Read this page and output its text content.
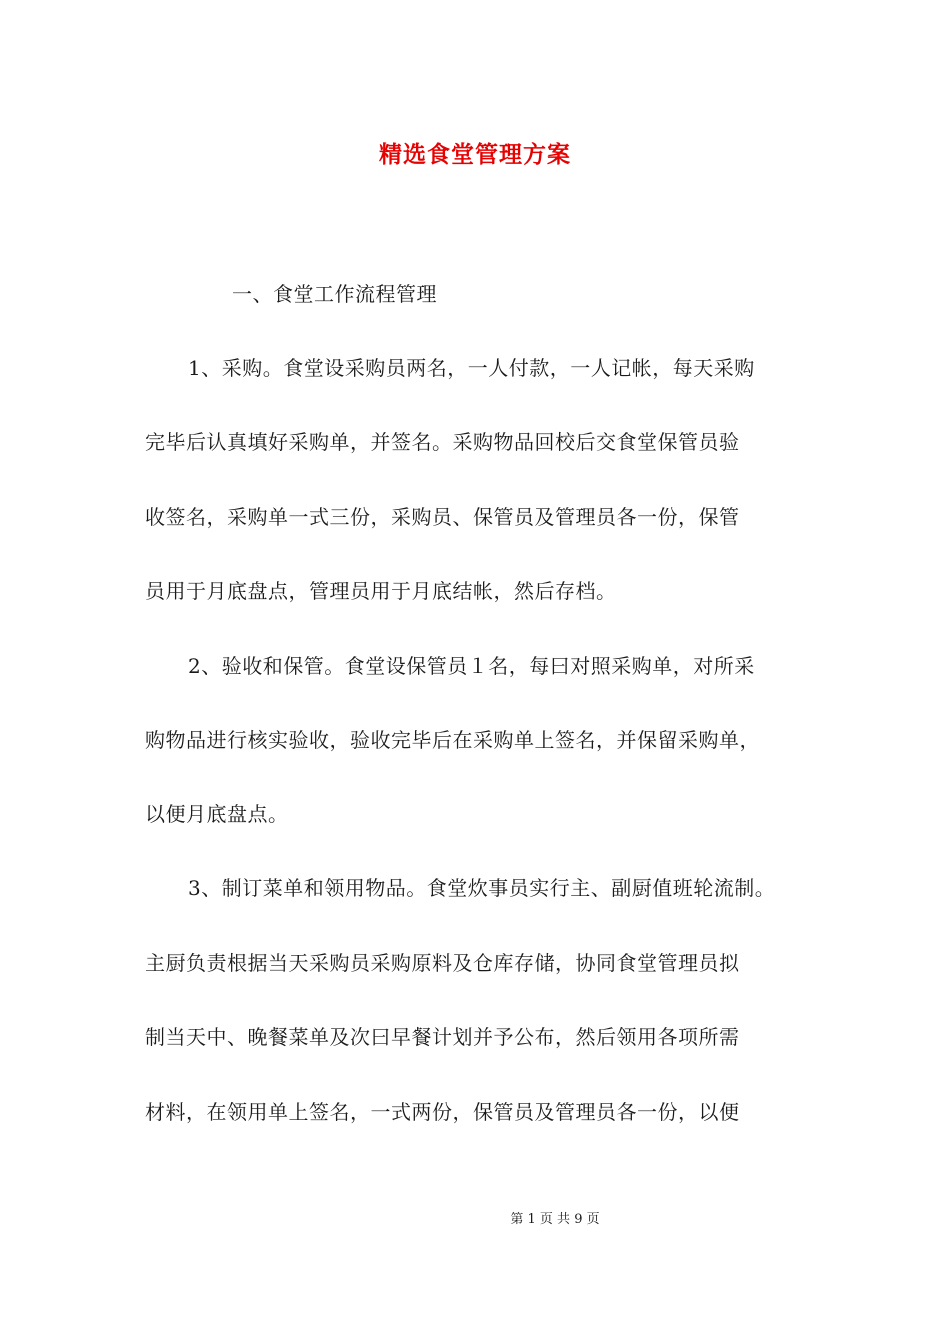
精选食堂管理方案
一、食堂工作流程管理
1、采购。食堂设采购员两名，一人付款，一人记帐，每天采购
完毕后认真填好采购单，并签名。采购物品回校后交食堂保管员验
收签名，采购单一式三份，采购员、保管员及管理员各一份，保管
员用于月底盘点，管理员用于月底结帐，然后存档。
2、验收和保管。食堂设保管员１名，每曰对照采购单，对所采
购物品进行核实验收，验收完毕后在采购单上签名，并保留采购单，
以便月底盘点。
3、制订菜单和领用物品。食堂炊事员实行主、副厨值班轮流制。
主厨负责根据当天采购员采购原料及仓库存储，协同食堂管理员拟
制当天中、晚餐菜单及次曰早餐计划并予公布，然后领用各项所需
材料，在领用单上签名，一式两份，保管员及管理员各一份，以便
第 1 页 共 9 页
